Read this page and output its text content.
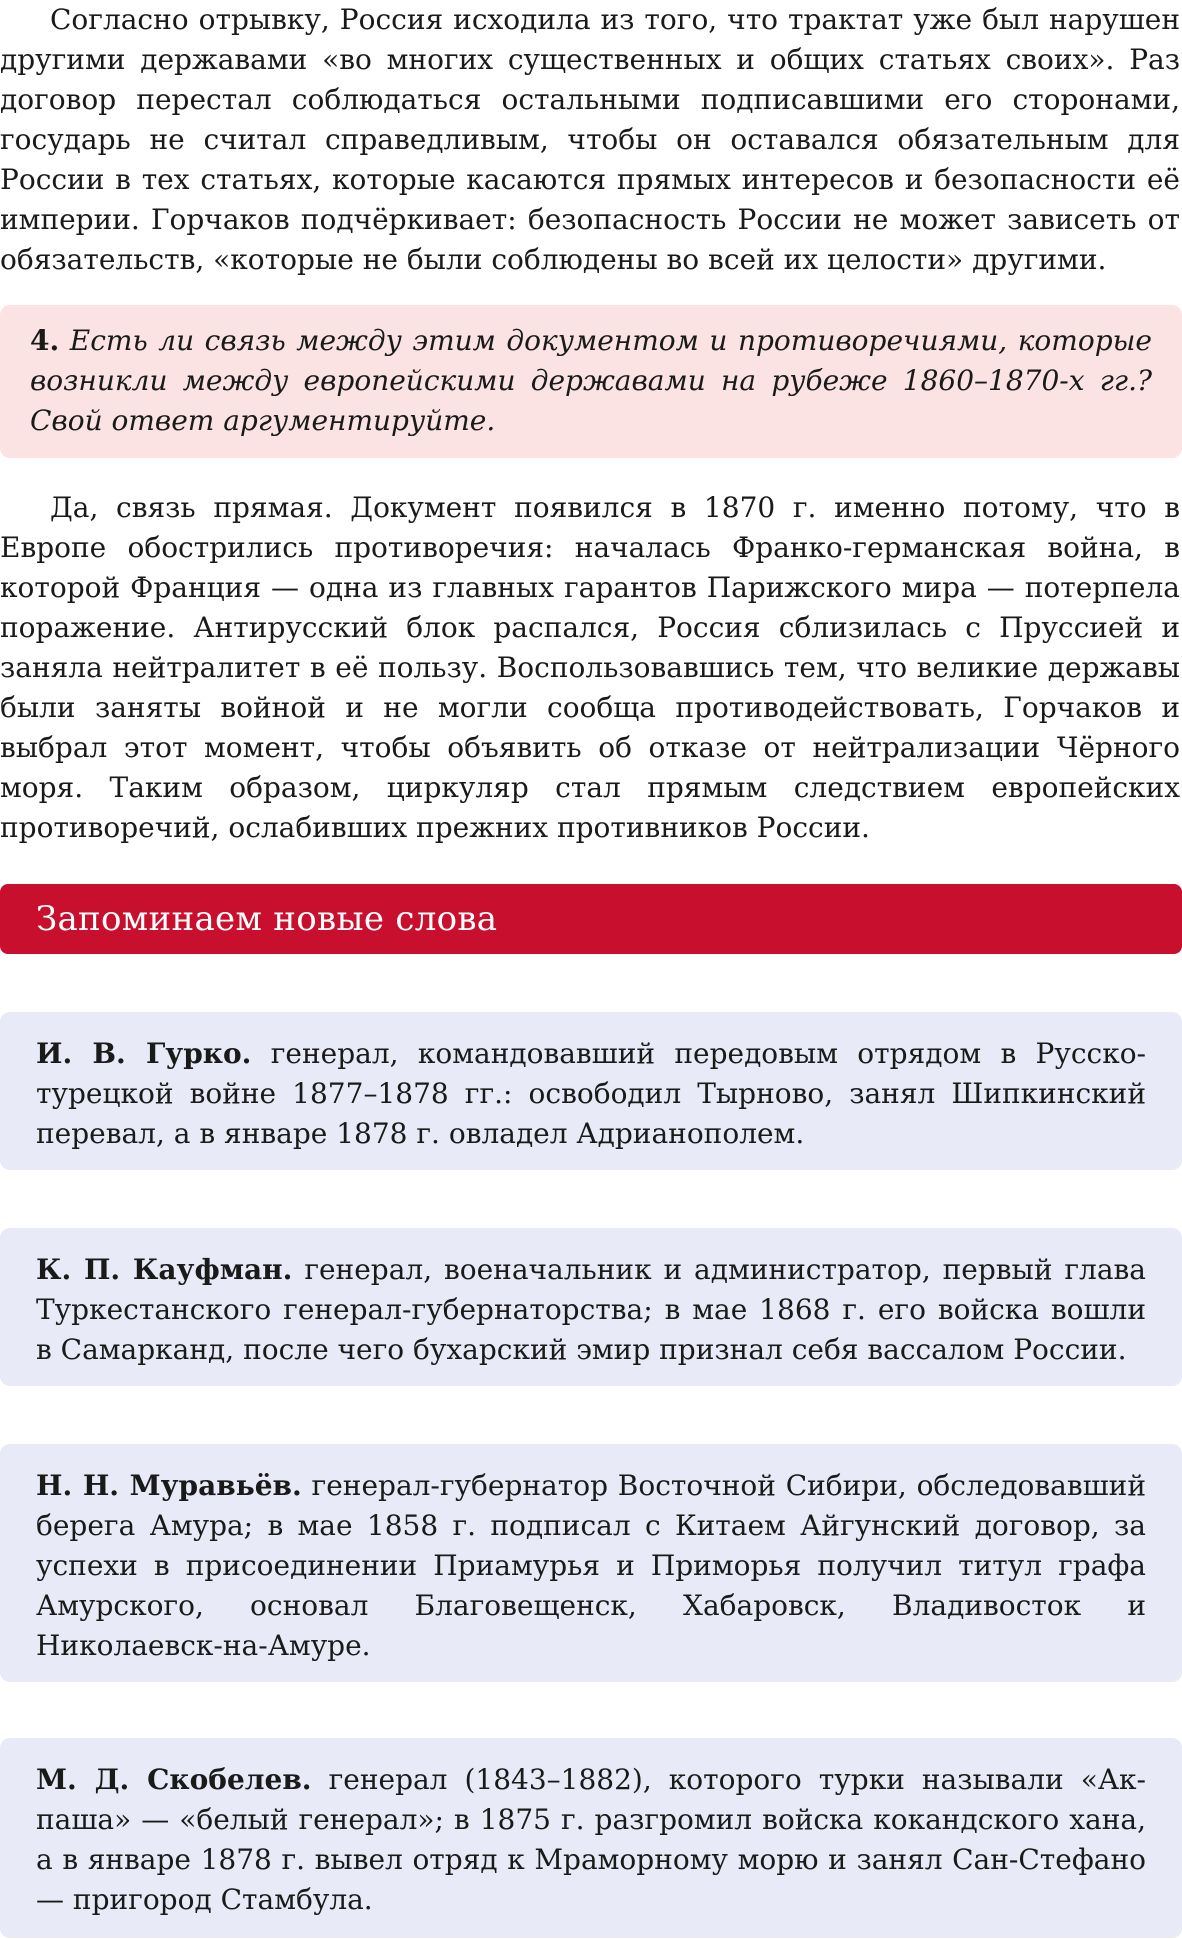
Согласно отрывку, Россия исходила из того, что трактат уже был нарушен другими державами «во многих существенных и общих статьях своих». Раз договор перестал соблюдаться остальными подписавшими его сторонами, государь не считал справедливым, чтобы он оставался обязательным для России в тех статьях, которые касаются прямых интересов и безопасности её империи. Горчаков подчёркивает: безопасность России не может зависеть от обязательств, «которые не были соблюдены во всей их целости» другими.

4. Есть ли связь между этим документом и противоречиями, которые возникли между европейскими державами на рубеже 1860–1870-х гг.? Свой ответ аргументируйте.

Да, связь прямая. Документ появился в 1870 г. именно потому, что в Европе обострились противоречия: началась Франко-германская война, в которой Франция — одна из главных гарантов Парижского мира — потерпела поражение. Антирусский блок распался, Россия сблизилась с Пруссией и заняла нейтралитет в её пользу. Воспользовавшись тем, что великие державы были заняты войной и не могли сообща противодействовать, Горчаков и выбрал этот момент, чтобы объявить об отказе от нейтрализации Чёрного моря. Таким образом, циркуляр стал прямым следствием европейских противоречий, ослабивших прежних противников России.

Запоминаем новые слова

И. В. Гурко. генерал, командовавший передовым отрядом в Русско-турецкой войне 1877–1878 гг.: освободил Тырново, занял Шипкинский перевал, а в январе 1878 г. овладел Адрианополем.

К. П. Кауфман. генерал, военачальник и администратор, первый глава Туркестанского генерал-губернаторства; в мае 1868 г. его войска вошли в Самарканд, после чего бухарский эмир признал себя вассалом России.

Н. Н. Муравьёв. генерал-губернатор Восточной Сибири, обследовавший берега Амура; в мае 1858 г. подписал с Китаем Айгунский договор, за успехи в присоединении Приамурья и Приморья получил титул графа Амурского, основал Благовещенск, Хабаровск, Владивосток и Николаевск-на-Амуре.

М. Д. Скобелев. генерал (1843–1882), которого турки называли «Ак-паша» — «белый генерал»; в 1875 г. разгромил войска кокандского хана, а в январе 1878 г. вывел отряд к Мраморному морю и занял Сан-Стефано — пригород Стамбула.
